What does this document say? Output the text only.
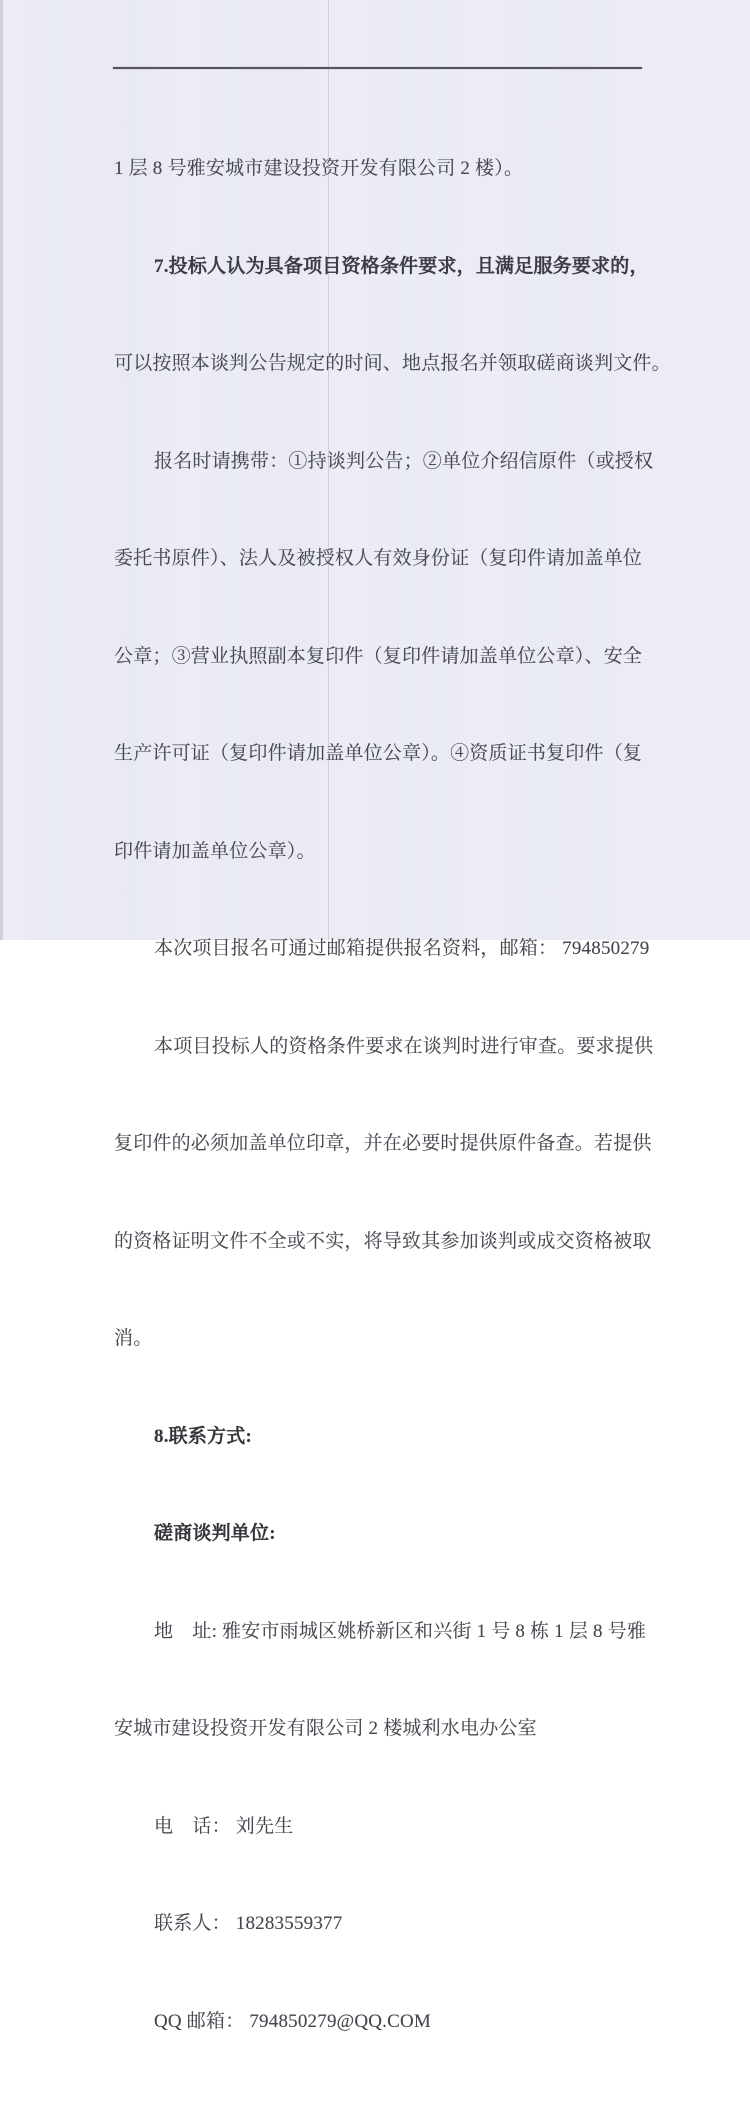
1 层 8 号雅安城市建设投资开发有限公司 2 楼）。

7.投标人认为具备项目资格条件要求，且满足服务要求的，

可以按照本谈判公告规定的时间、地点报名并领取磋商谈判文件。

报名时请携带：①持谈判公告；②单位介绍信原件（或授权

委托书原件）、法人及被授权人有效身份证（复印件请加盖单位

公章；③营业执照副本复印件（复印件请加盖单位公章）、安全

生产许可证（复印件请加盖单位公章）。④资质证书复印件（复

印件请加盖单位公章）。

本次项目报名可通过邮箱提供报名资料，邮箱： 794850279

本项目投标人的资格条件要求在谈判时进行审查。要求提供

复印件的必须加盖单位印章，并在必要时提供原件备查。若提供

的资格证明文件不全或不实，将导致其参加谈判或成交资格被取

消。

8.联系方式:

磋商谈判单位:

地　址: 雅安市雨城区姚桥新区和兴街 1 号 8 栋 1 层 8 号雅

安城市建设投资开发有限公司 2 楼城利水电办公室

电　话： 刘先生

联系人： 18283559377

QQ 邮箱： 794850279@QQ.COM
